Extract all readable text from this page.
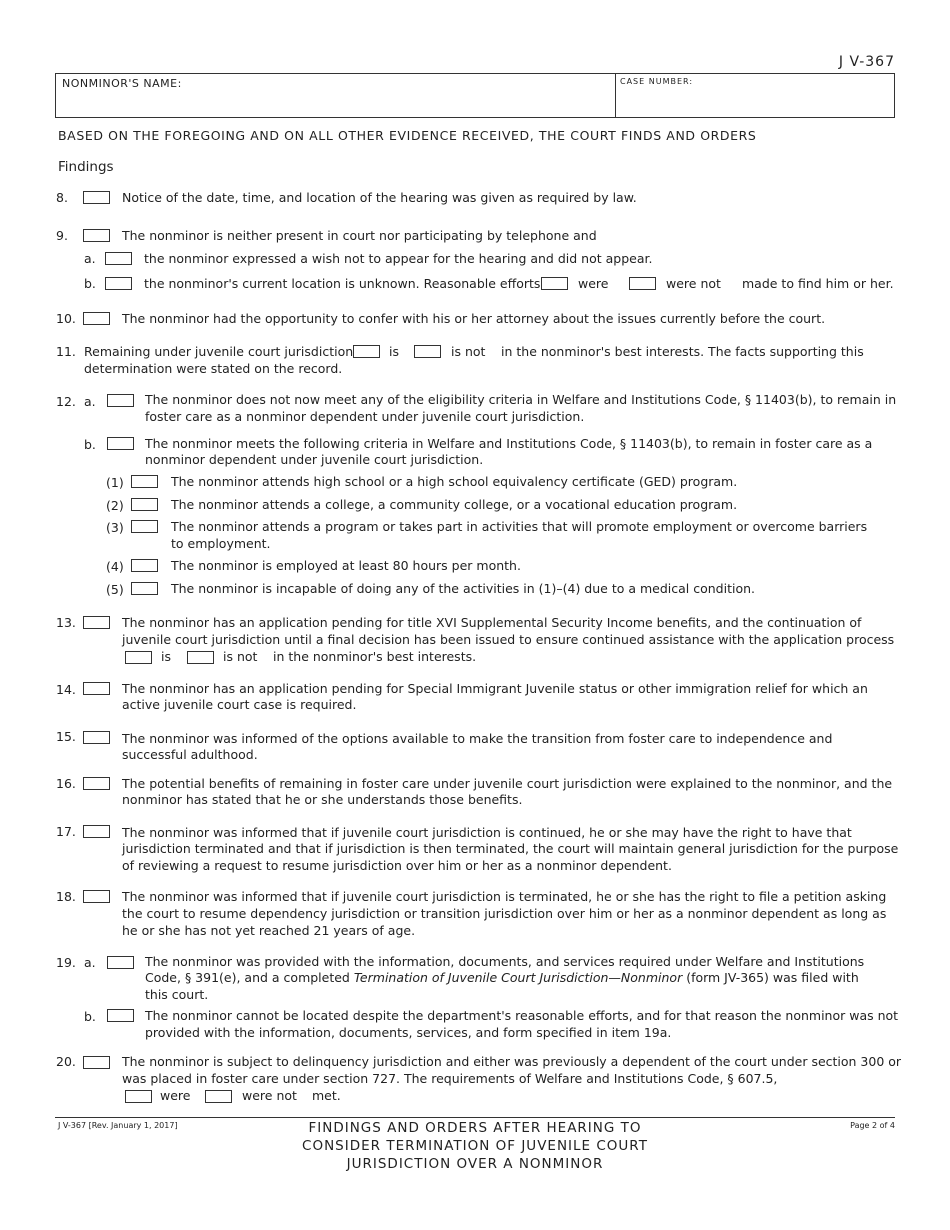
J V-367
NONMINOR'S NAME:	CASE NUMBER:
BASED ON THE FOREGOING AND ON ALL OTHER EVIDENCE RECEIVED, THE COURT FINDS AND ORDERS
Findings
8.	Notice of the date, time, and location of the hearing was given as required by law.
9.	The nonminor is neither present in court nor participating by telephone and
a.	the nonminor expressed a wish not to appear for the hearing and did not appear.
b.	the nonminor's current location is unknown. Reasonable efforts	were	were not made to find him or her.
10.	The nonminor had the opportunity to confer with his or her attorney about the issues currently before the court.
11. Remaining under juvenile court jurisdiction	is	is not in the nonminor's best interests. The facts supporting this
determination were stated on the record.
12. a.	The nonminor does not now meet any of the eligibility criteria in Welfare and Institutions Code, § 11403(b), to remain in
foster care as a nonminor dependent under juvenile court jurisdiction.
b.	The nonminor meets the following criteria in Welfare and Institutions Code, § 11403(b), to remain in foster care as a
nonminor dependent under juvenile court jurisdiction.
(1)	The nonminor attends high school or a high school equivalency certificate (GED) program.
(2)	The nonminor attends a college, a community college, or a vocational education program.
(3)	The nonminor attends a program or takes part in activities that will promote employment or overcome barriers
to employment.
(4)	The nonminor is employed at least 80 hours per month.
(5)	The nonminor is incapable of doing any of the activities in (1)–(4) due to a medical condition.
13.	The nonminor has an application pending for title XVI Supplemental Security Income benefits, and the continuation of
juvenile court jurisdiction until a final decision has been issued to ensure continued assistance with the application process
is	is not in the nonminor's best interests.
14.	The nonminor has an application pending for Special Immigrant Juvenile status or other immigration relief for which an
active juvenile court case is required.
15.	The nonminor was informed of the options available to make the transition from foster care to independence and
successful adulthood.
16.	The potential benefits of remaining in foster care under juvenile court jurisdiction were explained to the nonminor, and the
nonminor has stated that he or she understands those benefits.
17.	The nonminor was informed that if juvenile court jurisdiction is continued, he or she may have the right to have that
jurisdiction terminated and that if jurisdiction is then terminated, the court will maintain general jurisdiction for the purpose
of reviewing a request to resume jurisdiction over him or her as a nonminor dependent.
18.	The nonminor was informed that if juvenile court jurisdiction is terminated, he or she has the right to file a petition asking
the court to resume dependency jurisdiction or transition jurisdiction over him or her as a nonminor dependent as long as
he or she has not yet reached 21 years of age.
19. a.	The nonminor was provided with the information, documents, and services required under Welfare and Institutions
Code, § 391(e), and a completed Termination of Juvenile Court Jurisdiction—Nonminor (form JV-365) was filed with
this court.
b.	The nonminor cannot be located despite the department's reasonable efforts, and for that reason the nonminor was not
provided with the information, documents, services, and form specified in item 19a.
20.	The nonminor is subject to delinquency jurisdiction and either was previously a dependent of the court under section 300 or
was placed in foster care under section 727. The requirements of Welfare and Institutions Code, § 607.5,
were	were not met.
J V-367 [Rev. January 1, 2017]	Page 2 of 4
FINDINGS AND ORDERS AFTER HEARING TO
CONSIDER TERMINATION OF JUVENILE COURT
JURISDICTION OVER A NONMINOR
